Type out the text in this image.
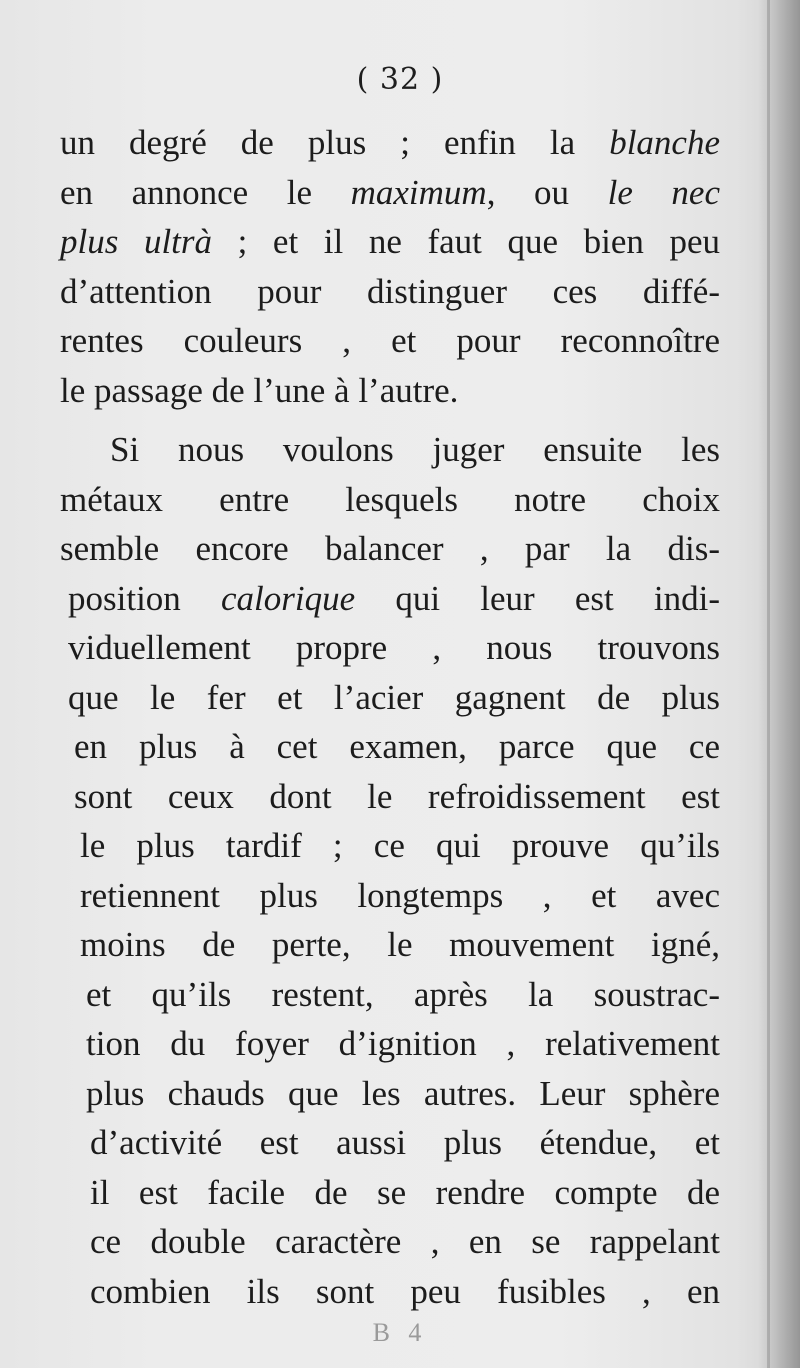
( 32 )
un degré de plus ; enfin la blanche
en annonce le maximum, ou le nec
plus ultrà ; et il ne faut que bien peu
d’attention pour distinguer ces diffé-
rentes couleurs , et pour reconnoître
le passage de l’une à l’autre.
Si nous voulons juger ensuite les
métaux entre lesquels notre choix
semble encore balancer , par la dis-
position calorique qui leur est indi-
viduellement propre , nous trouvons
que le fer et l’acier gagnent de plus
en plus à cet examen, parce que ce
sont ceux dont le refroidissement est
le plus tardif ; ce qui prouve qu’ils
retiennent plus longtemps , et avec
moins de perte, le mouvement igné,
et qu’ils restent, après la soustrac-
tion du foyer d’ignition , relativement
plus chauds que les autres. Leur sphère
d’activité est aussi plus étendue, et
il est facile de se rendre compte de
ce double caractère , en se rappelant
combien ils sont peu fusibles , en
B 4
